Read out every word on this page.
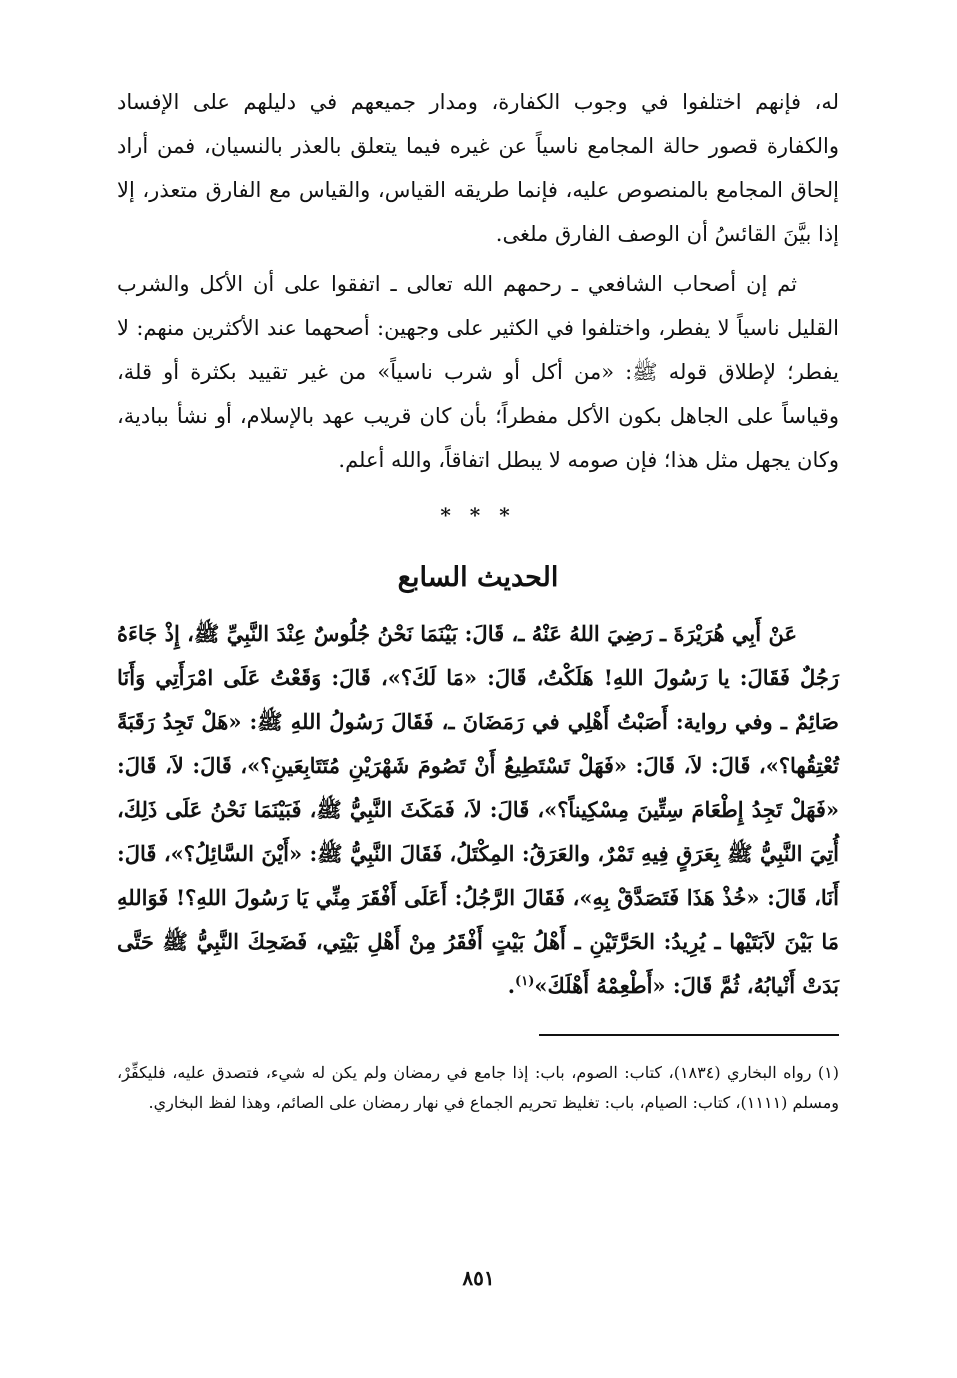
له، فإنهم اختلفوا في وجوب الكفارة، ومدار جميعهم في دليلهم على الإفساد والكفارة قصور حالة المجامع ناسياً عن غيره فيما يتعلق بالعذر بالنسيان، فمن أراد إلحاق المجامع بالمنصوص عليه، فإنما طريقه القياس، والقياس مع الفارق متعذر، إلا إذا بيَّنَ القائسُ أن الوصف الفارق ملغى.

ثم إن أصحاب الشافعي ـ رحمهم الله تعالى ـ اتفقوا على أن الأكل والشرب القليل ناسياً لا يفطر، واختلفوا في الكثير على وجهين: أصحهما عند الأكثرين منهم: لا يفطر؛ لإطلاق قوله ﷺ: «من أكل أو شرب ناسياً» من غير تقييد بكثرة أو قلة، وقياساً على الجاهل بكون الأكل مفطراً؛ بأن كان قريب عهد بالإسلام، أو نشأ ببادية، وكان يجهل مثل هذا؛ فإن صومه لا يبطل اتفاقاً، والله أعلم.

* * *
الحديث السابع

عَنْ أَبِي هُرَيْرَةَ ـ رَضِيَ اللهُ عَنْهُ ـ، قَالَ: بَيْنَمَا نَحْنُ جُلُوسٌ عِنْدَ النَّبِيِّ ﷺ، إِذْ جَاءَهُ رَجُلٌ فَقَالَ: يا رَسُولَ اللهِ! هَلَكْتُ، قَالَ: «مَا لَكَ؟»، قَالَ: وَقَعْتُ عَلَى امْرَأَتِي وَأَنَا صَائِمٌ ـ وفي رواية: أَصَبْتُ أَهْلِي في رَمَضَانَ ـ، فَقَالَ رَسُولُ اللهِ ﷺ: «هَلْ تَجِدُ رَقَبَةً تُعْتِقُها؟»، قَالَ: لاَ، قَالَ: «فَهَلْ تَسْتَطِيعُ أَنْ تَصُومَ شَهْرَيْنِ مُتَتَابِعَينِ؟»، قَالَ: لاَ، قَالَ: «فَهَلْ تَجِدُ إِطْعَامَ سِتِّينَ مِسْكِيناً؟»، قَالَ: لاَ، فَمَكَثَ النَّبِيُّ ﷺ، فَبَيْنَمَا نَحْنُ عَلَى ذَلِكَ، أُتِيَ النَّبِيُّ ﷺ بِعَرَقٍ فِيهِ تَمْرٌ، والعَرَقُ: المِكْتَلُ، فَقَالَ النَّبِيُّ ﷺ: «أَيْنَ السَّائِلُ؟»، قَالَ: أَنَا، قَالَ: «خُذْ هَذَا فَتَصَدَّقْ بِهِ»، فَقَالَ الرَّجُلُ: أَعَلَى أَفْقَرَ مِنِّي يَا رَسُولَ اللهِ؟! فَوَاللهِ مَا بَيْنَ لاَبَتَيْها ـ يُرِيدُ: الحَرَّتَيْنِ ـ أَهْلُ بَيْتٍ أَفْقَرُ مِنْ أَهْلِ بَيْتِي، فَضَحِكَ النَّبِيُّ ﷺ حَتَّى بَدَتْ أَنْيابُهُ، ثُمَّ قَالَ: «أَطْعِمْهُ أَهْلَكَ»$^{(١)}$.

(١) رواه البخاري (١٨٣٤)، كتاب: الصوم، باب: إذا جامع في رمضان ولم يكن له شيء، فتصدق عليه، فليكفِّرْ، ومسلم (١١١١)، كتاب: الصيام، باب: تغليظ تحريم الجماع في نهار رمضان على الصائم، وهذا لفظ البخاري.

٨٥١
